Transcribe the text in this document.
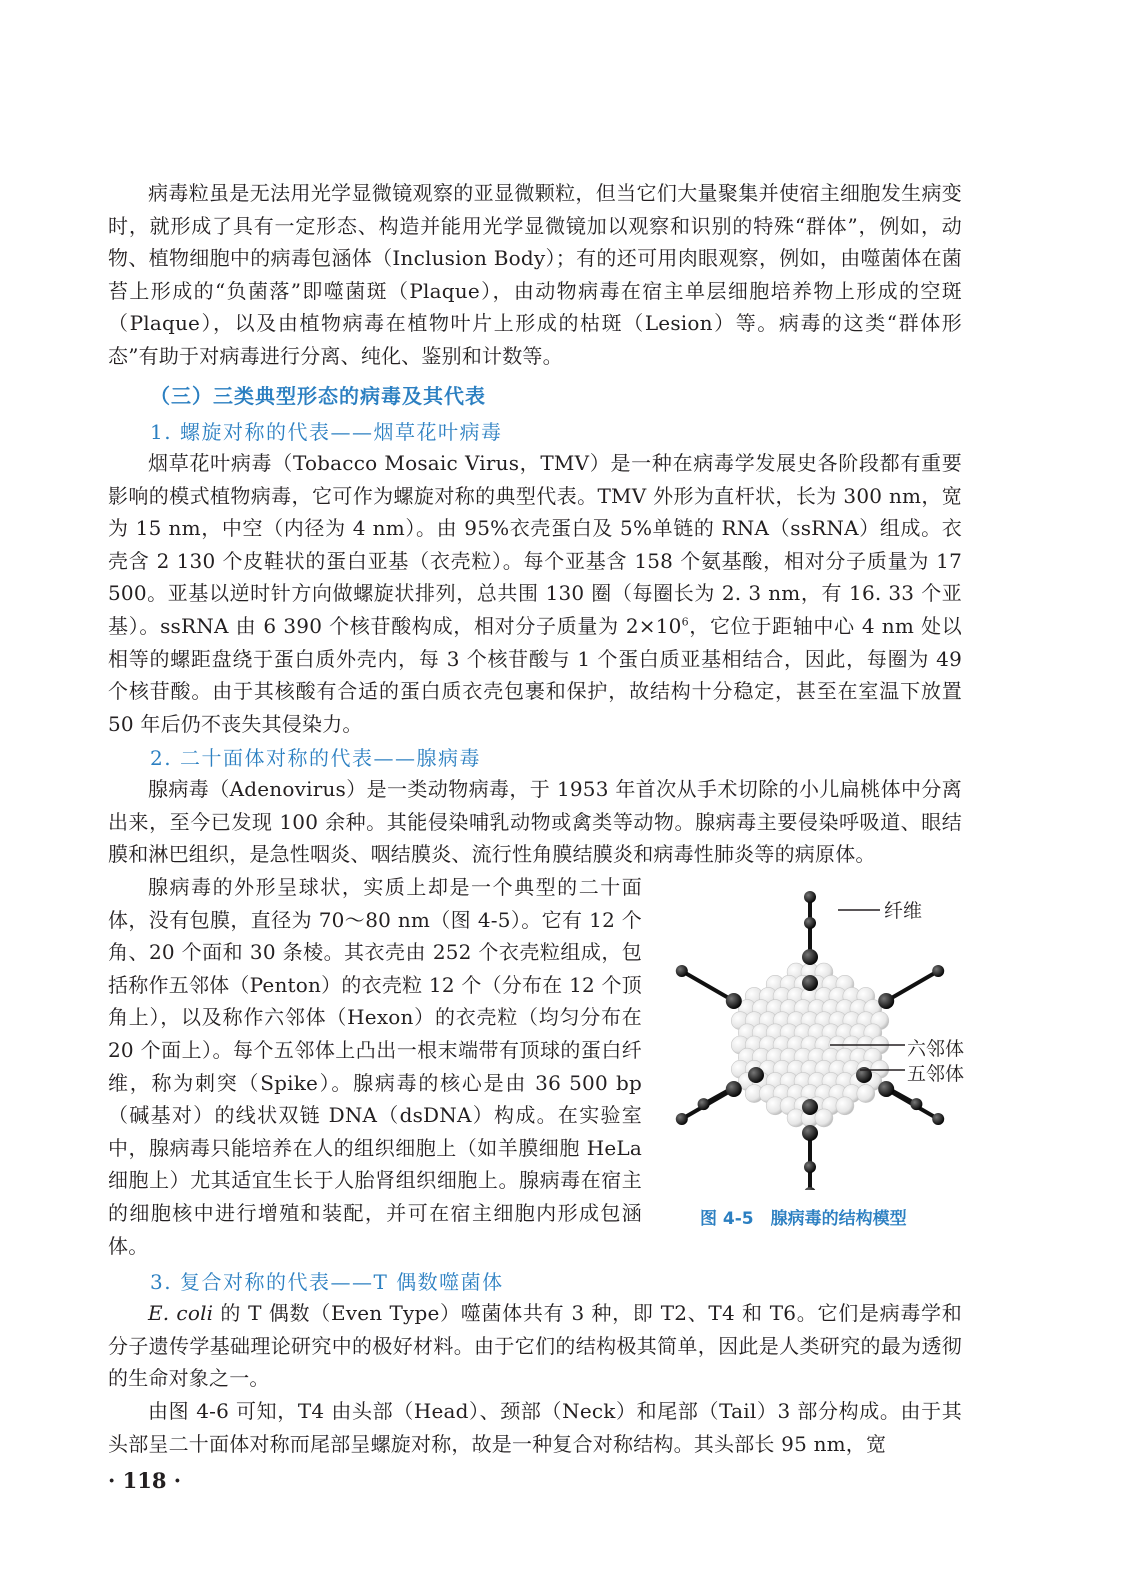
病毒粒虽是无法用光学显微镜观察的亚显微颗粒，但当它们大量聚集并使宿主细胞发生病变时，就形成了具有一定形态、构造并能用光学显微镜加以观察和识别的特殊“群体”，例如，动物、植物细胞中的病毒包涵体（Inclusion Body）；有的还可用肉眼观察，例如，由噬菌体在菌苔上形成的“负菌落”即噬菌斑（Plaque），由动物病毒在宿主单层细胞培养物上形成的空斑（Plaque），以及由植物病毒在植物叶片上形成的枯斑（Lesion）等。病毒的这类“群体形态”有助于对病毒进行分离、纯化、鉴别和计数等。

（三）三类典型形态的病毒及其代表

1. 螺旋对称的代表——烟草花叶病毒

烟草花叶病毒（Tobacco Mosaic Virus，TMV）是一种在病毒学发展史各阶段都有重要影响的模式植物病毒，它可作为螺旋对称的典型代表。TMV 外形为直杆状，长为 300 nm，宽为 15 nm，中空（内径为 4 nm）。由 95%衣壳蛋白及 5%单链的 RNA（ssRNA）组成。衣壳含 2 130 个皮鞋状的蛋白亚基（衣壳粒）。每个亚基含 158 个氨基酸，相对分子质量为 17 500。亚基以逆时针方向做螺旋状排列，总共围 130 圈（每圈长为 2. 3 nm，有 16. 33 个亚基）。ssRNA 由 6 390 个核苷酸构成，相对分子质量为 $2\times 10^6$，它位于距轴中心 4 nm 处以相等的螺距盘绕于蛋白质外壳内，每 3 个核苷酸与 1 个蛋白质亚基相结合，因此，每圈为 49 个核苷酸。由于其核酸有合适的蛋白质衣壳包裹和保护，故结构十分稳定，甚至在室温下放置 50 年后仍不丧失其侵染力。

2. 二十面体对称的代表——腺病毒

腺病毒（Adenovirus）是一类动物病毒，于 1953 年首次从手术切除的小儿扁桃体中分离出来，至今已发现 100 余种。其能侵染哺乳动物或禽类等动物。腺病毒主要侵染呼吸道、眼结膜和淋巴组织，是急性咽炎、咽结膜炎、流行性角膜结膜炎和病毒性肺炎等的病原体。

腺病毒的外形呈球状，实质上却是一个典型的二十面体，没有包膜，直径为 70～80 nm（图 4-5）。它有 12 个角、20 个面和 30 条棱。其衣壳由 252 个衣壳粒组成，包括称作五邻体（Penton）的衣壳粒 12 个（分布在 12 个顶角上），以及称作六邻体（Hexon）的衣壳粒（均匀分布在 20 个面上）。每个五邻体上凸出一根末端带有顶球的蛋白纤维，称为刺突（Spike）。腺病毒的核心是由 36 500 bp（碱基对）的线状双链 DNA（dsDNA）构成。在实验室中，腺病毒只能培养在人的组织细胞上（如羊膜细胞 HeLa 细胞上）尤其适宜生长于人胎肾组织细胞上。腺病毒在宿主的细胞核中进行增殖和装配，并可在宿主细胞内形成包涵体。

纤维
六邻体
五邻体

图 4-5　腺病毒的结构模型

3. 复合对称的代表——T 偶数噬菌体

E. coli 的 T 偶数（Even Type）噬菌体共有 3 种，即 T2、T4 和 T6。它们是病毒学和分子遗传学基础理论研究中的极好材料。由于它们的结构极其简单，因此是人类研究的最为透彻的生命对象之一。

由图 4-6 可知，T4 由头部（Head）、颈部（Neck）和尾部（Tail）3 部分构成。由于其头部呈二十面体对称而尾部呈螺旋对称，故是一种复合对称结构。其头部长 95 nm，宽

· 118 ·
